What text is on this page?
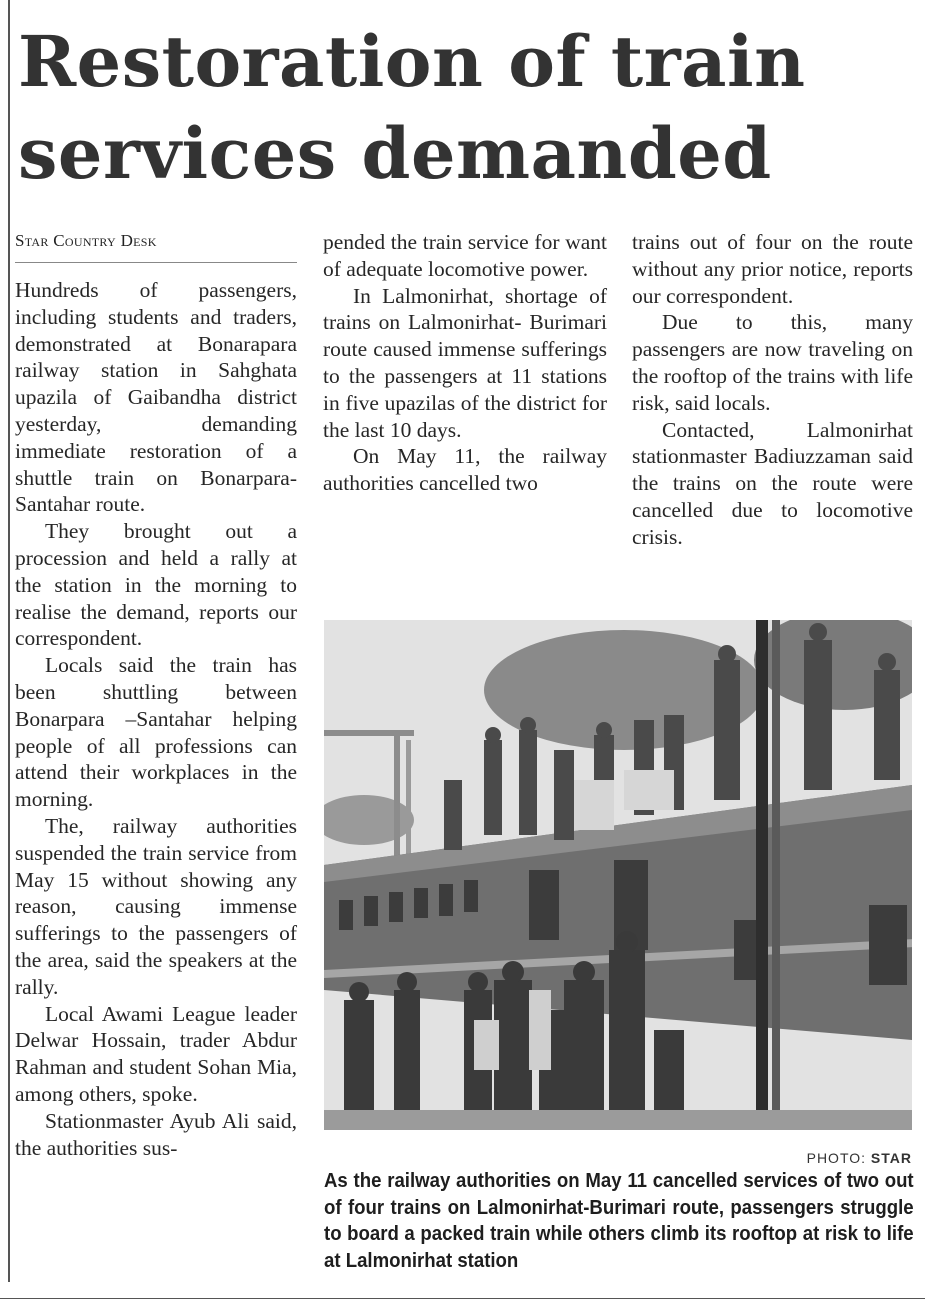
Restoration of train services demanded
Star Country Desk

Hundreds of passengers, including students and traders, demonstrated at Bonarapara railway station in Sahghata upazila of Gaibandha district yesterday, demanding immediate restoration of a shuttle train on Bonarpara-Santahar route.

They brought out a procession and held a rally at the station in the morning to realise the demand, reports our correspondent.

Locals said the train has been shuttling between Bonarpara –Santahar helping people of all professions can attend their workplaces in the morning.

The, railway authorities suspended the train service from May 15 without showing any reason, causing immense sufferings to the passengers of the area, said the speakers at the rally.

Local Awami League leader Delwar Hossain, trader Abdur Rahman and student Sohan Mia, among others, spoke.

Stationmaster Ayub Ali said, the authorities sus-

pended the train service for want of adequate locomotive power.

In Lalmonirhat, shortage of trains on Lalmonirhat- Burimari route caused immense sufferings to the passengers at 11 stations in five upazilas of the district for the last 10 days.

On May 11, the railway authorities cancelled two

trains out of four on the route without any prior notice, reports our correspondent.

Due to this, many passengers are now traveling on the rooftop of the trains with life risk, said locals.

Contacted, Lalmonirhat stationmaster Badiuzzaman said the trains on the route were cancelled due to locomotive crisis.

PHOTO: STAR
As the railway authorities on May 11 cancelled services of two out of four trains on Lalmonirhat-Burimari route, passengers struggle to board a packed train while others climb its rooftop at risk to life at Lalmonirhat station
